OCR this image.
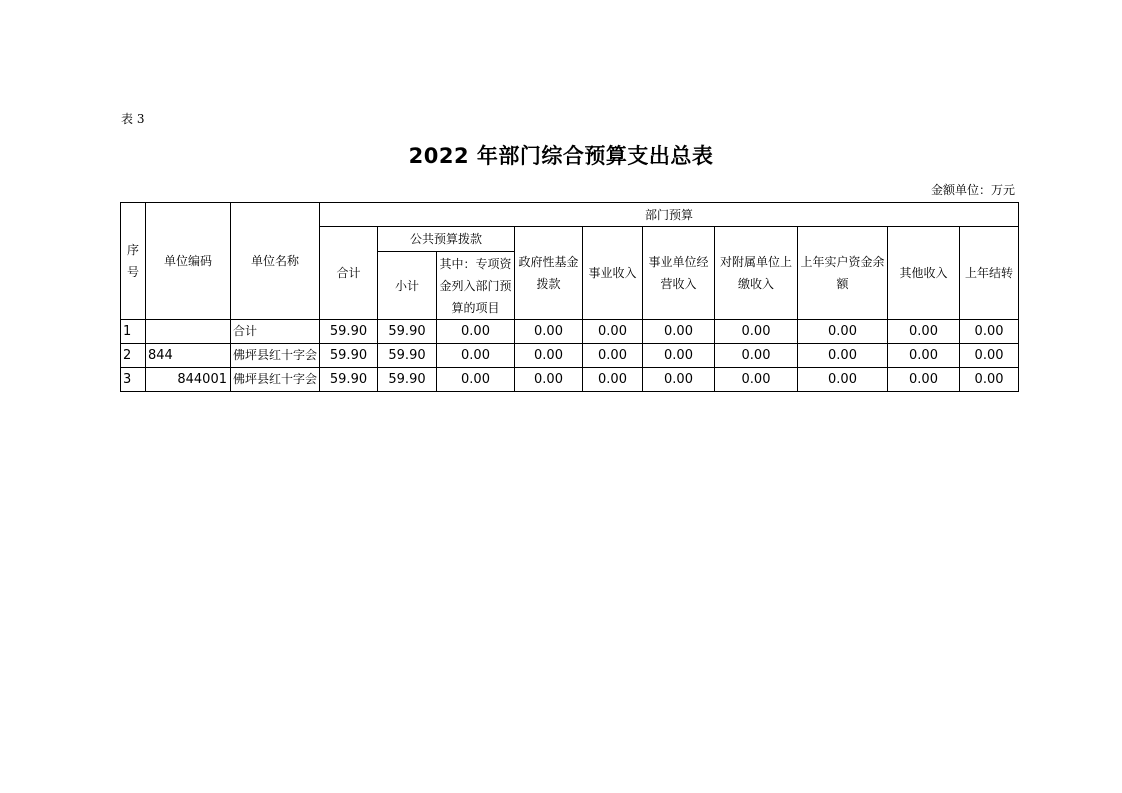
表 3
2022 年部门综合预算支出总表
金额单位：万元
序号	单位编码	单位名称	部门预算									
			合计	公共预算拨款		政府性基金拨款	事业收入	事业单位经营收入	对附属单位上缴收入	上年实户资金余额	其他收入	上年结转
				小计	其中：专项资金列入部门预算的项目							
1		合计	59.90	59.90	0.00	0.00	0.00	0.00	0.00	0.00	0.00	0.00
2	844	佛坪县红十字会	59.90	59.90	0.00	0.00	0.00	0.00	0.00	0.00	0.00	0.00
3	844001	佛坪县红十字会	59.90	59.90	0.00	0.00	0.00	0.00	0.00	0.00	0.00	0.00
